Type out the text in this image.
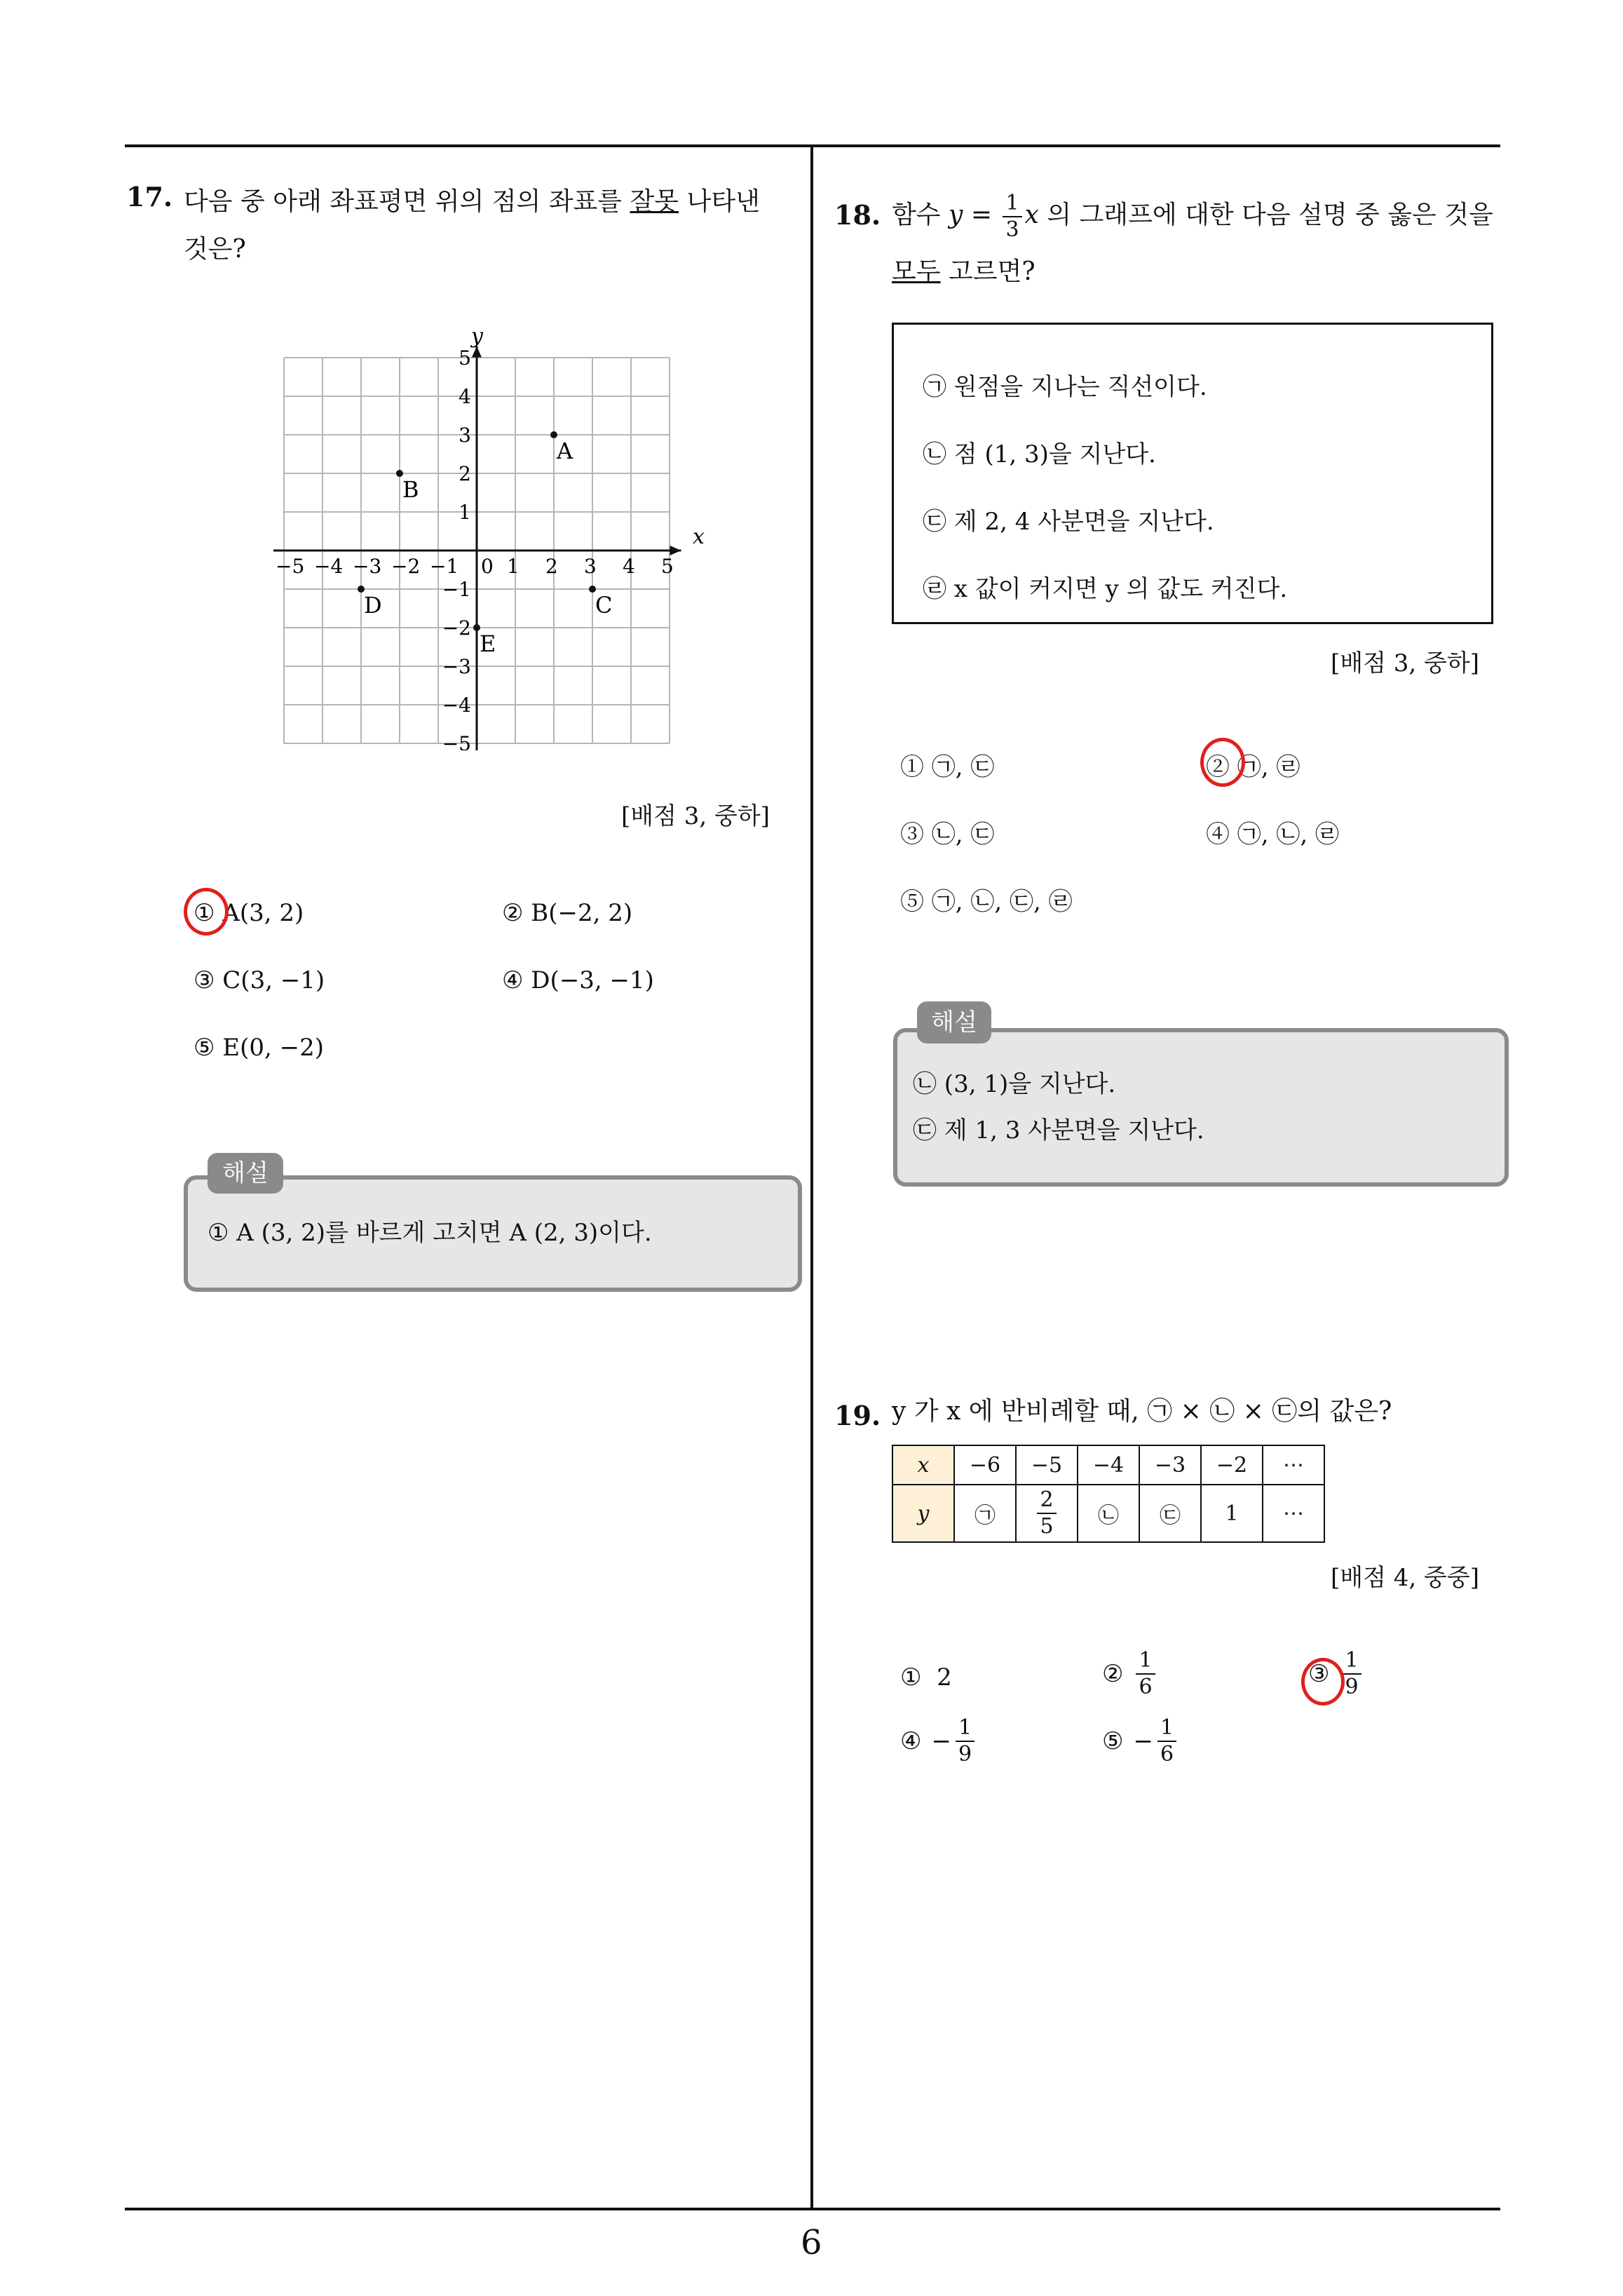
17. 다음 중 아래 좌표평면 위의 점의 좌표를 잘못 나타낸
것은?
x
y
−5 −4 −3 −2 −1 0 1 2 3 4 5
5
4
3
2
1
−1
−2
−3
−4
−5
A
B
C
D
E
[배점 3, 중하]
① A(3, 2)	② B(−2, 2)
③ C(3, −1)	④ D(−3, −1)
⑤ E(0, −2)
해설
① A (3, 2)를 바르게 고치면 A (2, 3)이다.
18. 함수 $y = \frac{1}{3}$ x 의 그래프에 대한 다음 설명 중 옳은 것을
모두 고르면?
㉠ 원점을 지나는 직선이다.
㉡ 점 (1, 3)을 지난다.
㉢ 제 2, 4 사분면을 지난다.
㉣ x 값이 커지면 y 의 값도 커진다.
[배점 3, 중하]
① ㉠, ㉢	② ㉠, ㉣
③ ㉡, ㉢	④ ㉠, ㉡, ㉣
⑤ ㉠, ㉡, ㉢, ㉣
해설
㉡ (3, 1)을 지난다.
㉢ 제 1, 3 사분면을 지난다.
19. y 가 x 에 반비례할 때, ㉠ × ㉡ × ㉢의 값은?
x	−6	−5	−4	−3	−2	⋯
y	㉠	$\frac{2}{5}$	㉡	㉢	1	⋯
[배점 4, 중중]
① 2	② $\frac{1}{6}$	③ $\frac{1}{9}$
④ − $\frac{1}{9}$	⑤ − $\frac{1}{6}$
6
